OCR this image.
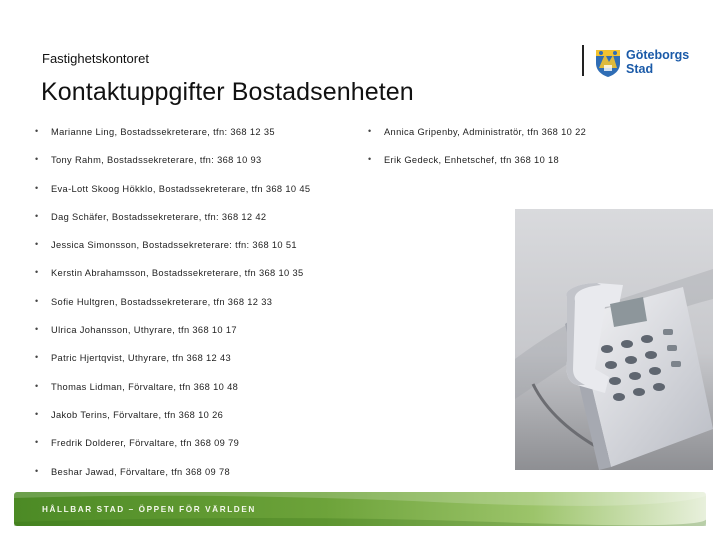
Fastighetskontoret
Kontaktuppgifter Bostadsenheten
Göteborgs
Stad
• Marianne Ling, Bostadssekreterare, tfn: 368 12 35
• Tony Rahm, Bostadssekreterare, tfn: 368 10 93
• Eva-Lott Skoog Hökklo, Bostadssekreterare, tfn 368 10 45
• Dag Schäfer, Bostadssekreterare, tfn: 368 12 42
• Jessica Simonsson, Bostadssekreterare: tfn: 368 10 51
• Kerstin Abrahamsson, Bostadssekreterare, tfn 368 10 35
• Sofie Hultgren, Bostadssekreterare, tfn 368 12 33
• Ulrica Johansson, Uthyrare, tfn 368 10 17
• Patric Hjertqvist, Uthyrare, tfn 368 12 43
• Thomas Lidman, Förvaltare, tfn 368 10 48
• Jakob Terins, Förvaltare, tfn 368 10 26
• Fredrik Dolderer, Förvaltare, tfn 368 09 79
• Beshar Jawad, Förvaltare, tfn 368 09 78
• Annica Gripenby, Administratör, tfn 368 10 22
• Erik Gedeck, Enhetschef, tfn 368 10 18
HÅLLBAR STAD – ÖPPEN FÖR VÄRLDEN
